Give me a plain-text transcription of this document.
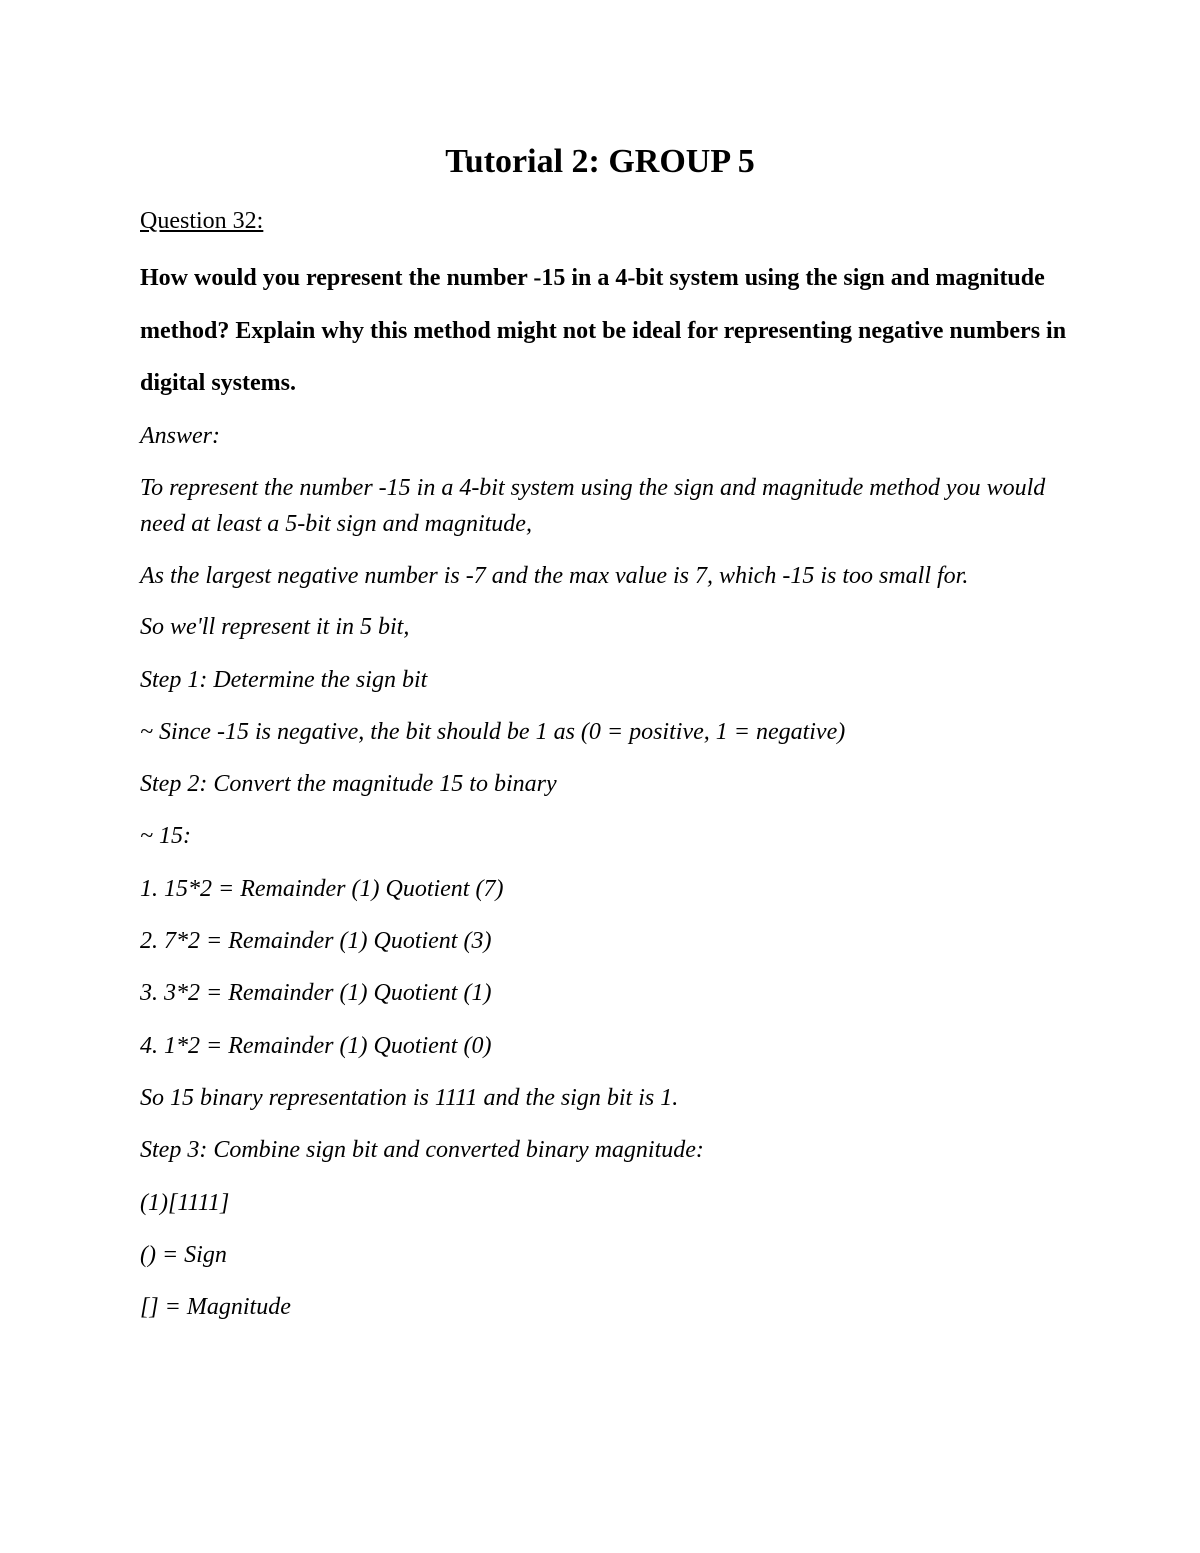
Tutorial 2: GROUP 5

Question 32:

How would you represent the number -15 in a 4-bit system using the sign and magnitude method? Explain why this method might not be ideal for representing negative numbers in digital systems.

Answer:
To represent the number -15 in a 4-bit system using the sign and magnitude method you would need at least a 5-bit sign and magnitude,
As the largest negative number is -7 and the max value is 7, which -15 is too small for.
So we'll represent it in 5 bit,
Step 1: Determine the sign bit
~ Since -15 is negative, the bit should be 1 as (0 = positive, 1 = negative)
Step 2: Convert the magnitude 15 to binary
~ 15:
1. 15*2 = Remainder (1) Quotient (7)
2. 7*2 = Remainder (1) Quotient (3)
3. 3*2 = Remainder (1) Quotient (1)
4. 1*2 = Remainder (1) Quotient (0)
So 15 binary representation is 1111 and the sign bit is 1.
Step 3: Combine sign bit and converted binary magnitude:
(1)[1111]
() = Sign
[] = Magnitude
